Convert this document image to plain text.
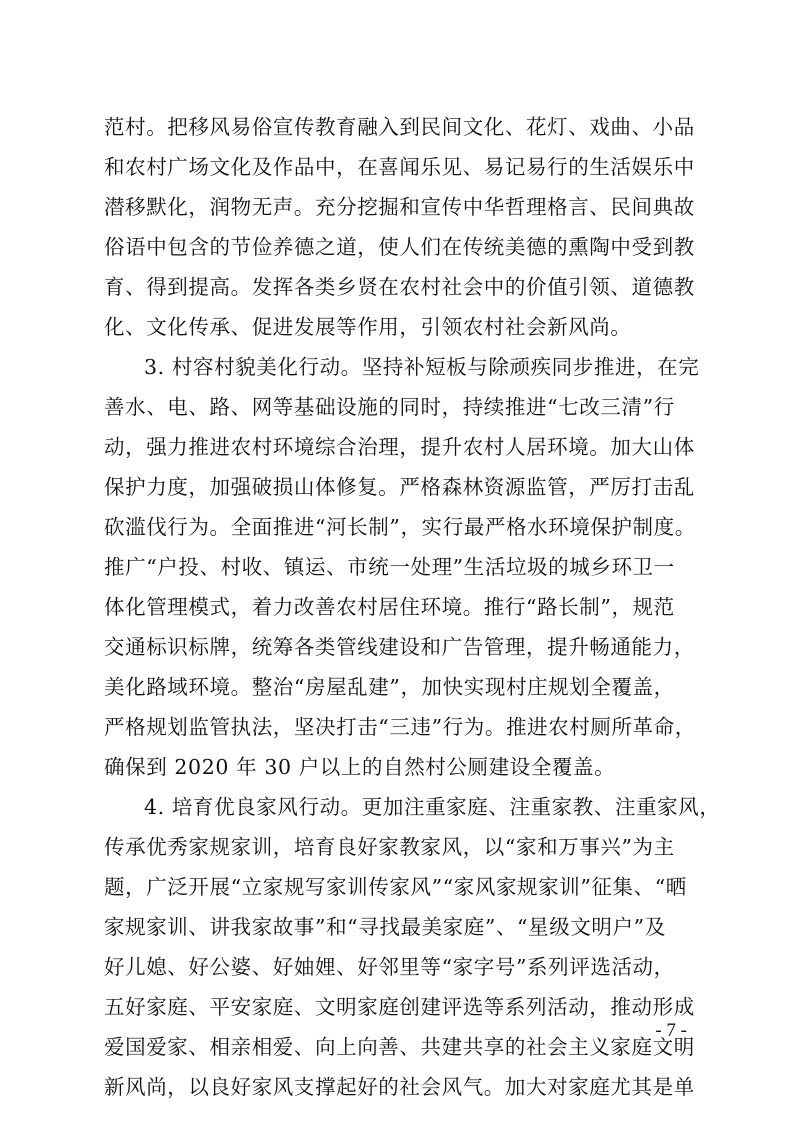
范村。把移风易俗宣传教育融入到民间文化、花灯、戏曲、小品
和农村广场文化及作品中，在喜闻乐见、易记易行的生活娱乐中
潜移默化，润物无声。充分挖掘和宣传中华哲理格言、民间典故
俗语中包含的节俭养德之道，使人们在传统美德的熏陶中受到教
育、得到提高。发挥各类乡贤在农村社会中的价值引领、道德教
化、文化传承、促进发展等作用，引领农村社会新风尚。
3. 村容村貌美化行动。坚持补短板与除顽疾同步推进，在完
善水、电、路、网等基础设施的同时，持续推进“七改三清”行
动，强力推进农村环境综合治理，提升农村人居环境。加大山体
保护力度，加强破损山体修复。严格森林资源监管，严厉打击乱
砍滥伐行为。全面推进“河长制”，实行最严格水环境保护制度。
推广“户投、村收、镇运、市统一处理”生活垃圾的城乡环卫一
体化管理模式，着力改善农村居住环境。推行“路长制”，规范
交通标识标牌，统筹各类管线建设和广告管理，提升畅通能力，
美化路域环境。整治“房屋乱建”，加快实现村庄规划全覆盖，
严格规划监管执法，坚决打击“三违”行为。推进农村厕所革命，
确保到 2020 年 30 户以上的自然村公厕建设全覆盖。
4. 培育优良家风行动。更加注重家庭、注重家教、注重家风，
传承优秀家规家训，培育良好家教家风，以“家和万事兴”为主
题，广泛开展“立家规写家训传家风”“家风家规家训”征集、“晒
家规家训、讲我家故事”和“寻找最美家庭”、“星级文明户”及
好儿媳、好公婆、好妯娌、好邻里等“家字号”系列评选活动，
五好家庭、平安家庭、文明家庭创建评选等系列活动，推动形成
爱国爱家、相亲相爱、向上向善、共建共享的社会主义家庭文明
新风尚，以良好家风支撑起好的社会风气。加大对家庭尤其是单
- 7 -
